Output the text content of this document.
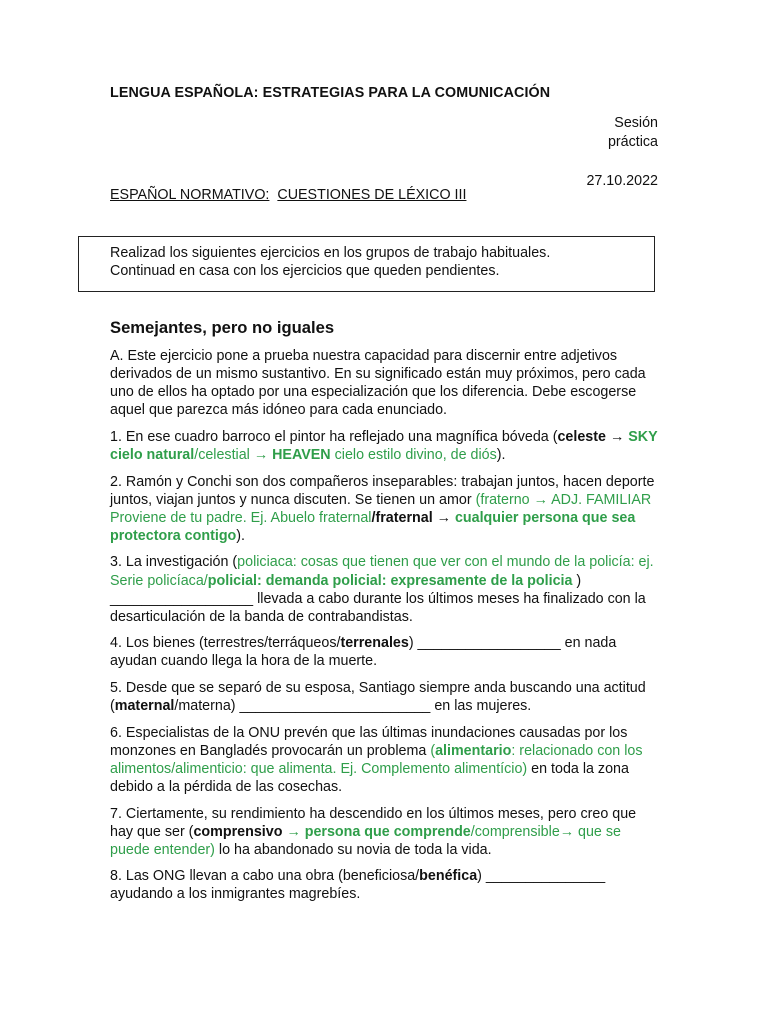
LENGUA ESPAÑOLA: ESTRATEGIAS PARA LA COMUNICACIÓN
Sesión
práctica
27.10.2022
ESPAÑOL NORMATIVO: CUESTIONES DE LÉXICO III
Realizad los siguientes ejercicios en los grupos de trabajo habituales.
Continuad en casa con los ejercicios que queden pendientes.
Semejantes, pero no iguales

A. Este ejercicio pone a prueba nuestra capacidad para discernir entre adjetivos derivados de un mismo sustantivo. En su significado están muy próximos, pero cada uno de ellos ha optado por una especialización que los diferencia. Debe escogerse aquel que parezca más idóneo para cada enunciado.

1. En ese cuadro barroco el pintor ha reflejado una magnífica bóveda (celeste → SKY cielo natural/celestial → HEAVEN cielo estilo divino, de diós).

2. Ramón y Conchi son dos compañeros inseparables: trabajan juntos, hacen deporte juntos, viajan juntos y nunca discuten. Se tienen un amor (fraterno → ADJ. FAMILIAR Proviene de tu padre. Ej. Abuelo fraternal/fraternal → cualquier persona que sea protectora contigo).

3. La investigación (policiaca: cosas que tienen que ver con el mundo de la policía: ej. Serie policíaca/policial: demanda policial: expresamente de la policia ) __________________ llevada a cabo durante los últimos meses ha finalizado con la desarticulación de la banda de contrabandistas.

4. Los bienes (terrestres/terráqueos/terrenales) __________________ en nada ayudan cuando llega la hora de la muerte.

5. Desde que se separó de su esposa, Santiago siempre anda buscando una actitud (maternal/materna) ________________________ en las mujeres.

6. Especialistas de la ONU prevén que las últimas inundaciones causadas por los monzones en Bangladés provocarán un problema (alimentario: relacionado con los alimentos/alimenticio: que alimenta. Ej. Complemento alimentício) en toda la zona debido a la pérdida de las cosechas.

7. Ciertamente, su rendimiento ha descendido en los últimos meses, pero creo que hay que ser (comprensivo → persona que comprende/comprensible→ que se puede entender) lo ha abandonado su novia de toda la vida.

8. Las ONG llevan a cabo una obra (beneficiosa/benéfica) _______________ ayudando a los inmigrantes magrebíes.
